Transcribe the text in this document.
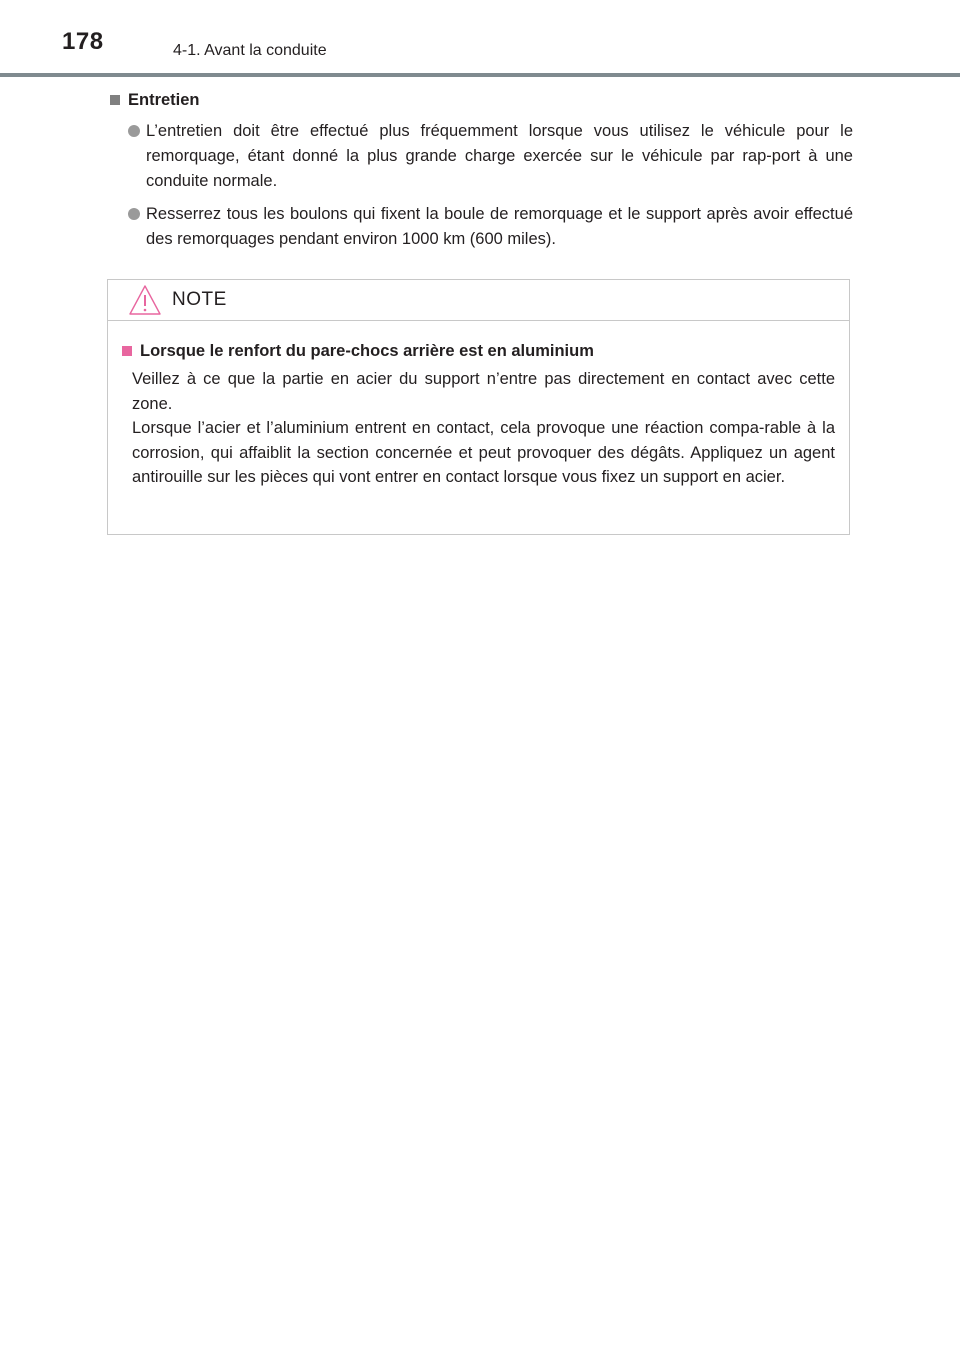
178	4-1. Avant la conduite
Entretien
L’entretien doit être effectué plus fréquemment lorsque vous utilisez le véhicule pour le remorquage, étant donné la plus grande charge exercée sur le véhicule par rap-port à une conduite normale.
Resserrez tous les boulons qui fixent la boule de remorquage et le support après avoir effectué des remorquages pendant environ 1000 km (600 miles).
NOTE
Lorsque le renfort du pare-chocs arrière est en aluminium
Veillez à ce que la partie en acier du support n’entre pas directement en contact avec cette zone.
Lorsque l’acier et l’aluminium entrent en contact, cela provoque une réaction compa-rable à la corrosion, qui affaiblit la section concernée et peut provoquer des dégâts. Appliquez un agent antirouille sur les pièces qui vont entrer en contact lorsque vous fixez un support en acier.
